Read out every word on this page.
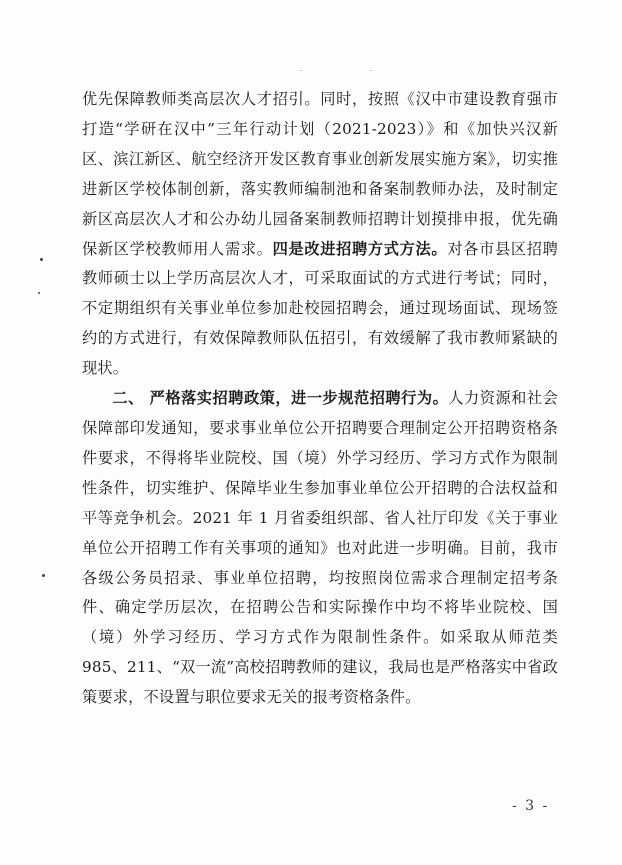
优先保障教师类高层次人才招引。同时，按照《汉中市建设教育强市打造“学研在汉中”三年行动计划（2021-2023）》和《加快兴汉新区、滨江新区、航空经济开发区教育事业创新发展实施方案》，切实推进新区学校体制创新，落实教师编制池和备案制教师办法，及时制定新区高层次人才和公办幼儿园备案制教师招聘计划摸排申报，优先确保新区学校教师用人需求。四是改进招聘方式方法。对各市县区招聘教师硕士以上学历高层次人才，可采取面试的方式进行考试；同时，不定期组织有关事业单位参加赴校园招聘会，通过现场面试、现场签约的方式进行，有效保障教师队伍招引，有效缓解了我市教师紧缺的现状。

二、 严格落实招聘政策，进一步规范招聘行为。人力资源和社会保障部印发通知，要求事业单位公开招聘要合理制定公开招聘资格条件要求，不得将毕业院校、国（境）外学习经历、学习方式作为限制性条件，切实维护、保障毕业生参加事业单位公开招聘的合法权益和平等竞争机会。2021 年 1 月省委组织部、省人社厅印发《关于事业单位公开招聘工作有关事项的通知》也对此进一步明确。目前，我市各级公务员招录、事业单位招聘，均按照岗位需求合理制定招考条件、确定学历层次，在招聘公告和实际操作中均不将毕业院校、国（境）外学习经历、学习方式作为限制性条件。如采取从师范类 985、211、“双一流”高校招聘教师的建议，我局也是严格落实中省政策要求，不设置与职位要求无关的报考资格条件。

- 3 -
